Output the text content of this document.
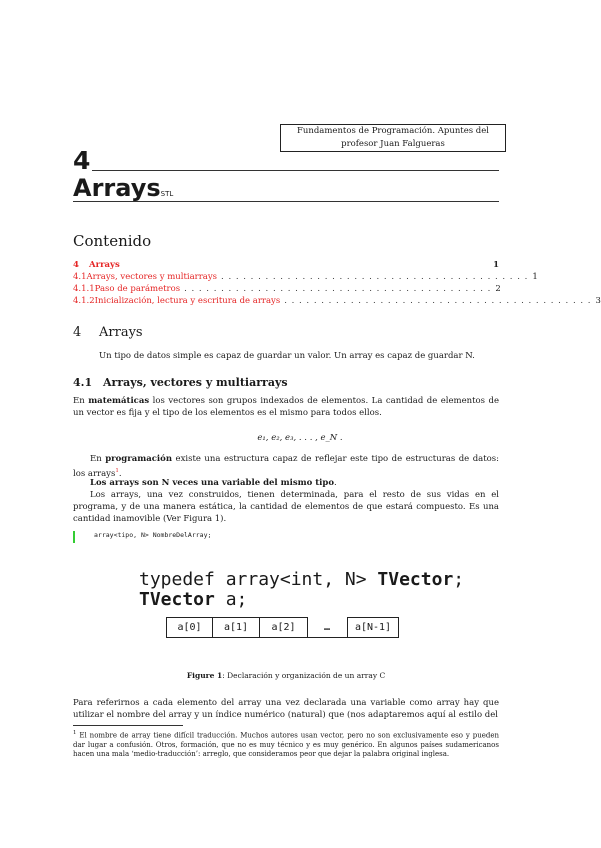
Fundamentos de Programación. Apuntes del
profesor Juan Falgueras
4
ArraysSTL
Contenido
4	Arrays	1
4.1 Arrays, vectores y multiarrays . . . . . . . . . . . . . . . . . . . . . . . . . . . . . . . . . . . . . . . . . . 1
4.1.1 Paso de parámetros . . . . . . . . . . . . . . . . . . . . . . . . . . . . . . . . . . . . . . . . . . 2
4.1.2 Inicialización, lectura y escritura de arrays . . . . . . . . . . . . . . . . . . . . . . . . . . . . . . . . . . . . . . . . . . 3
4 Arrays
Un tipo de datos simple es capaz de guardar un valor. Un array es capaz de guardar N.
4.1 Arrays, vectores y multiarrays
En matemáticas los vectores son grupos indexados de elementos. La cantidad de elementos de un vector es fija y el tipo de los elementos es el mismo para todos ellos.
e₁, e₂, e₃, . . . , e_N .
En programación existe una estructura capaz de reflejar este tipo de estructuras de datos: los arrays$^1$.
Los arrays son N veces una variable del mismo tipo.
Los arrays, una vez construidos, tienen determinada, para el resto de sus vidas en el programa, y de una manera estática, la cantidad de elementos de que estará compuesto. Es una cantidad inamovible (Ver Figura 1).
array<tipo, N> NombreDelArray;
typedef array<int, N> TVector;
TVector a;
a[0]	a[1]	a[2]	…	a[N-1]
Figure 1: Declaración y organización de un array C
Para referirnos a cada elemento del array una vez declarada una variable como array hay que utilizar el nombre del array y un índice numérico (natural) que (nos adaptaremos aquí al estilo del
$^1$ El nombre de array tiene difícil traducción. Muchos autores usan vector, pero no son exclusivamente eso y pueden dar lugar a confusión. Otros, formación, que no es muy técnico y es muy genérico. En algunos países sudamericanos hacen una mala ‘medio-traducción’: arreglo, que consideramos peor que dejar la palabra original inglesa.
